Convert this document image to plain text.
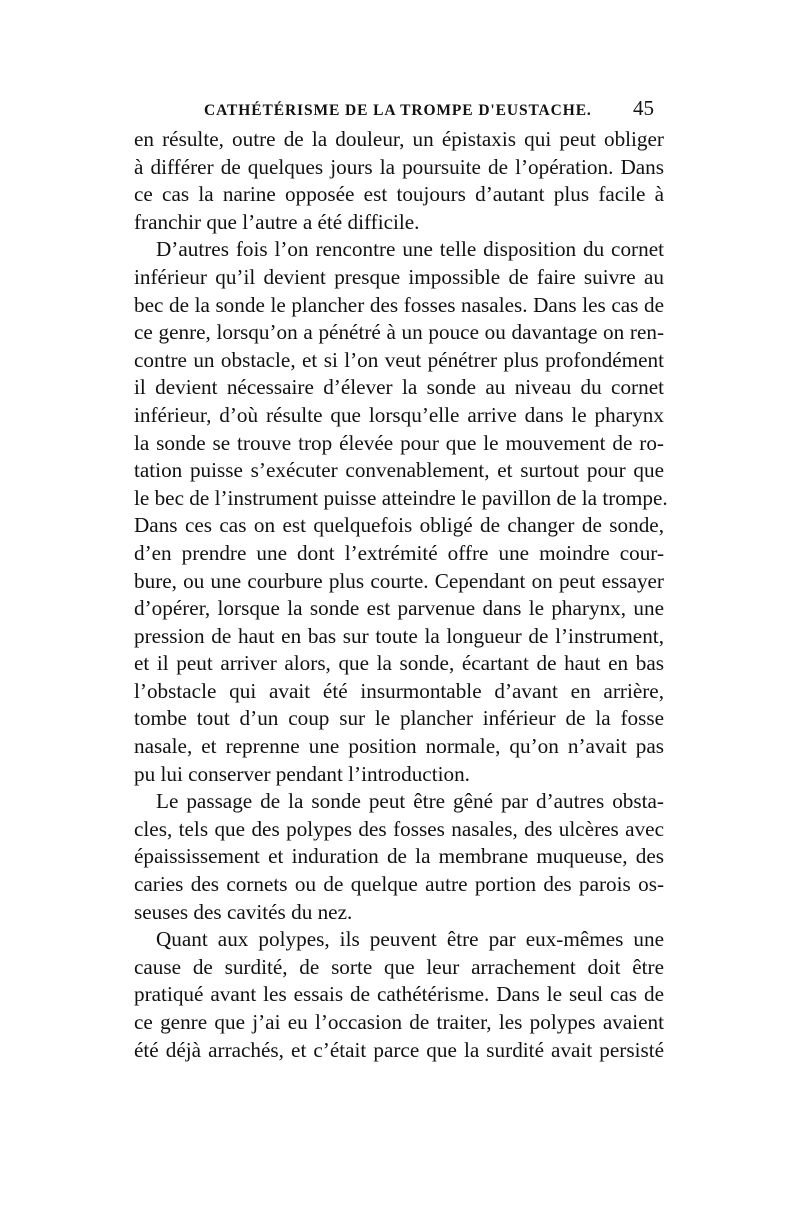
CATHÉTÉRISME DE LA TROMPE D'EUSTACHE. 45
en résulte, outre de la douleur, un épistaxis qui peut obliger
à différer de quelques jours la poursuite de l’opération. Dans
ce cas la narine opposée est toujours d’autant plus facile à
franchir que l’autre a été difficile.
D’autres fois l’on rencontre une telle disposition du cornet
inférieur qu’il devient presque impossible de faire suivre au
bec de la sonde le plancher des fosses nasales. Dans les cas de
ce genre, lorsqu’on a pénétré à un pouce ou davantage on ren-
contre un obstacle, et si l’on veut pénétrer plus profondément
il devient nécessaire d’élever la sonde au niveau du cornet
inférieur, d’où résulte que lorsqu’elle arrive dans le pharynx
la sonde se trouve trop élevée pour que le mouvement de ro-
tation puisse s’exécuter convenablement, et surtout pour que
le bec de l’instrument puisse atteindre le pavillon de la trompe.
Dans ces cas on est quelquefois obligé de changer de sonde,
d’en prendre une dont l’extrémité offre une moindre cour-
bure, ou une courbure plus courte. Cependant on peut essayer
d’opérer, lorsque la sonde est parvenue dans le pharynx, une
pression de haut en bas sur toute la longueur de l’instrument,
et il peut arriver alors, que la sonde, écartant de haut en bas
l’obstacle qui avait été insurmontable d’avant en arrière,
tombe tout d’un coup sur le plancher inférieur de la fosse
nasale, et reprenne une position normale, qu’on n’avait pas
pu lui conserver pendant l’introduction.
Le passage de la sonde peut être gêné par d’autres obsta-
cles, tels que des polypes des fosses nasales, des ulcères avec
épaississement et induration de la membrane muqueuse, des
caries des cornets ou de quelque autre portion des parois os-
seuses des cavités du nez.
Quant aux polypes, ils peuvent être par eux-mêmes une
cause de surdité, de sorte que leur arrachement doit être
pratiqué avant les essais de cathétérisme. Dans le seul cas de
ce genre que j’ai eu l’occasion de traiter, les polypes avaient
été déjà arrachés, et c’était parce que la surdité avait persisté
